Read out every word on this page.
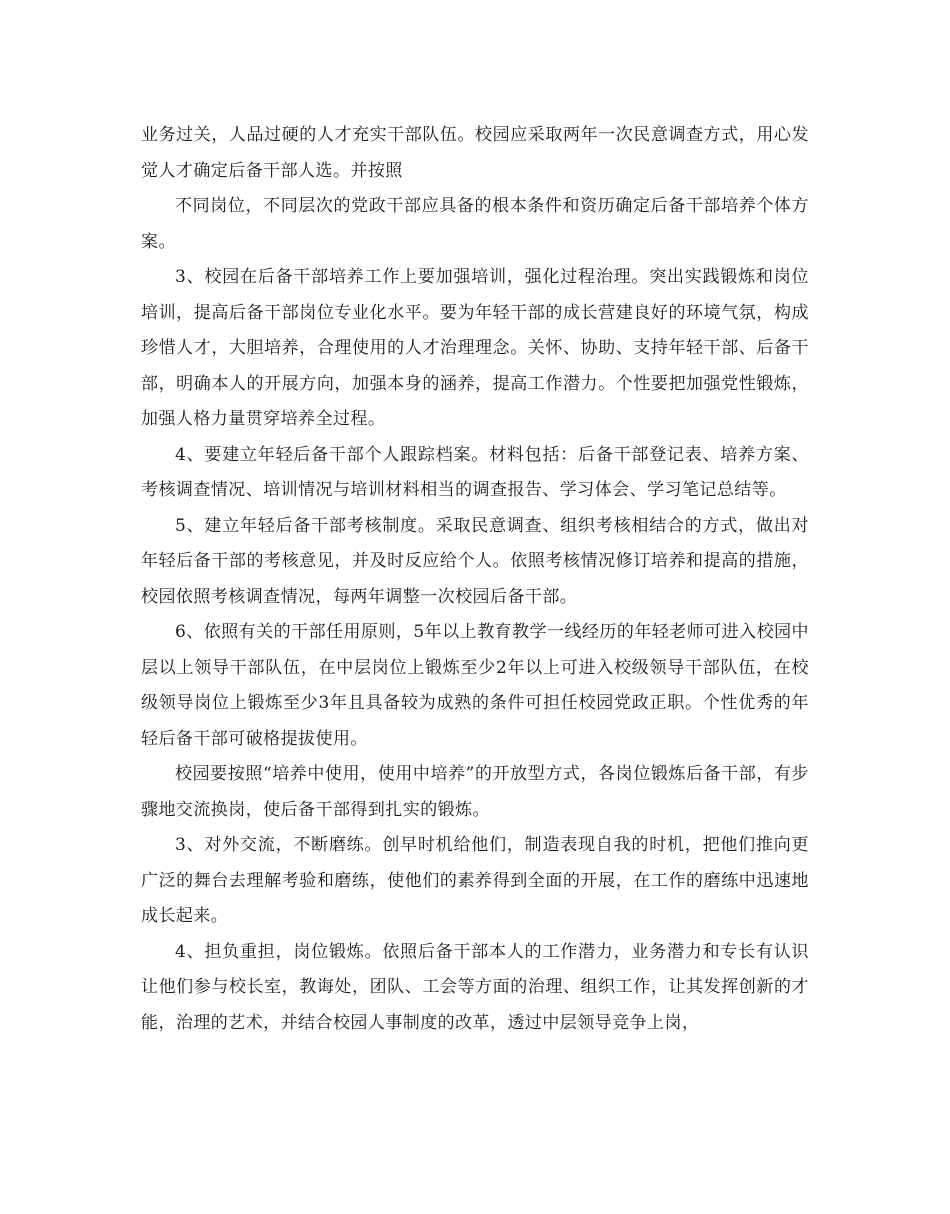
业务过关，人品过硬的人才充实干部队伍。校园应采取两年一次民意调查方式，用心发觉人才确定后备干部人选。并按照

不同岗位，不同层次的党政干部应具备的根本条件和资历确定后备干部培养个体方案。

3、校园在后备干部培养工作上要加强培训，强化过程治理。突出实践锻炼和岗位培训，提高后备干部岗位专业化水平。要为年轻干部的成长营建良好的环境气氛，构成珍惜人才，大胆培养，合理使用的人才治理理念。关怀、协助、支持年轻干部、后备干部，明确本人的开展方向，加强本身的涵养，提高工作潜力。个性要把加强党性锻炼，加强人格力量贯穿培养全过程。

4、要建立年轻后备干部个人跟踪档案。材料包括：后备干部登记表、培养方案、考核调查情况、培训情况与培训材料相当的调查报告、学习体会、学习笔记总结等。

5、建立年轻后备干部考核制度。采取民意调查、组织考核相结合的方式，做出对年轻后备干部的考核意见，并及时反应给个人。依照考核情况修订培养和提高的措施，校园依照考核调查情况，每两年调整一次校园后备干部。

6、依照有关的干部任用原则，5年以上教育教学一线经历的年轻老师可进入校园中层以上领导干部队伍，在中层岗位上锻炼至少2年以上可进入校级领导干部队伍，在校级领导岗位上锻炼至少3年且具备较为成熟的条件可担任校园党政正职。个性优秀的年轻后备干部可破格提拔使用。

校园要按照“培养中使用，使用中培养”的开放型方式，各岗位锻炼后备干部，有步骤地交流换岗，使后备干部得到扎实的锻炼。

3、对外交流，不断磨练。创早时机给他们，制造表现自我的时机，把他们推向更广泛的舞台去理解考验和磨练，使他们的素养得到全面的开展，在工作的磨练中迅速地成长起来。

4、担负重担，岗位锻炼。依照后备干部本人的工作潜力，业务潜力和专长有认识让他们参与校长室，教诲处，团队、工会等方面的治理、组织工作，让其发挥创新的才能，治理的艺术，并结合校园人事制度的改革，透过中层领导竞争上岗，
